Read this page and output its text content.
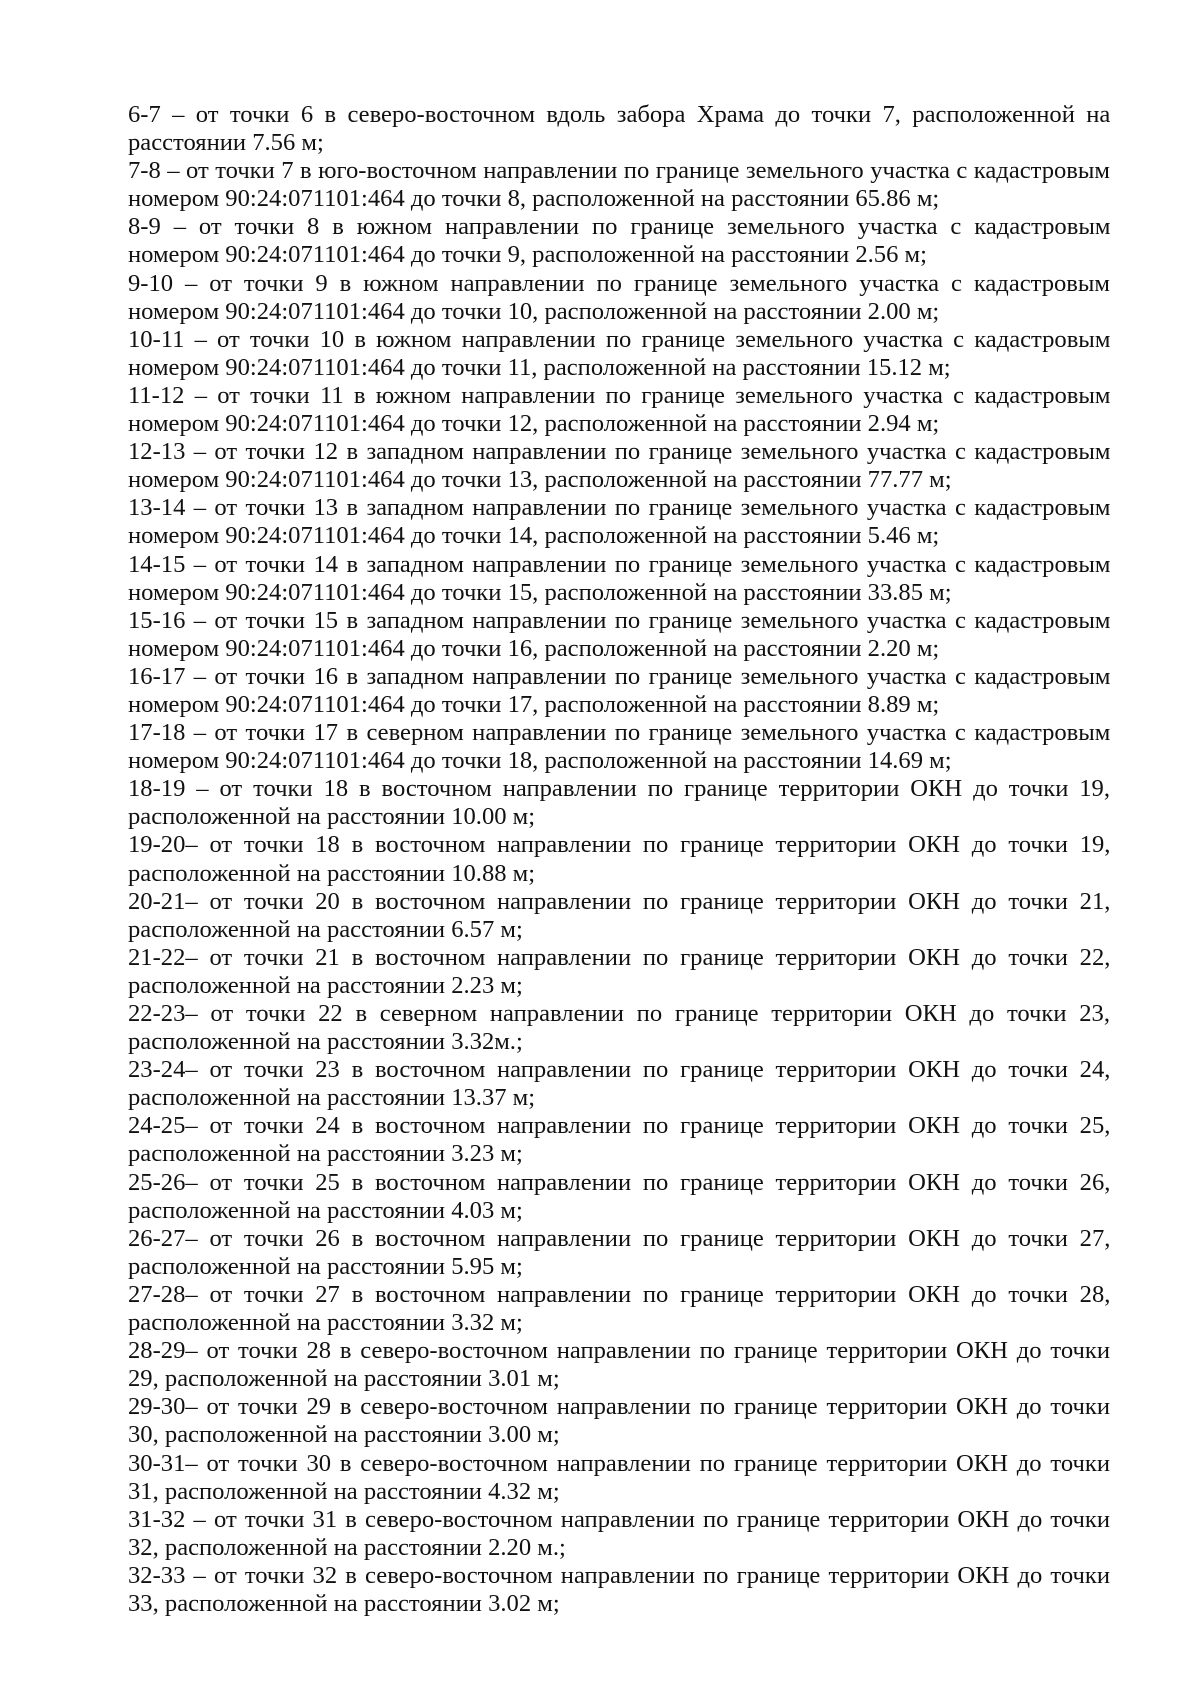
6-7 – от точки 6 в северо-восточном вдоль забора Храма до точки 7, расположенной на
расстоянии 7.56 м;

7-8 – от точки 7 в юго-восточном направлении по границе земельного участка с кадастровым
номером 90:24:071101:464 до точки 8, расположенной на расстоянии 65.86 м;

8-9 – от точки 8 в южном направлении по границе земельного участка с кадастровым
номером 90:24:071101:464 до точки 9, расположенной на расстоянии 2.56 м;

9-10 – от точки 9 в южном направлении по границе земельного участка с кадастровым
номером 90:24:071101:464 до точки 10, расположенной на расстоянии 2.00 м;

10-11 – от точки 10 в южном направлении по границе земельного участка с кадастровым
номером 90:24:071101:464 до точки 11, расположенной на расстоянии 15.12 м;

11-12 – от точки 11 в южном направлении по границе земельного участка с кадастровым
номером 90:24:071101:464 до точки 12, расположенной на расстоянии 2.94 м;

12-13 – от точки 12 в западном направлении по границе земельного участка с кадастровым
номером 90:24:071101:464 до точки 13, расположенной на расстоянии 77.77 м;

13-14 – от точки 13 в западном направлении по границе земельного участка с кадастровым
номером 90:24:071101:464 до точки 14, расположенной на расстоянии 5.46 м;

14-15 – от точки 14 в западном направлении по границе земельного участка с кадастровым
номером 90:24:071101:464 до точки 15, расположенной на расстоянии 33.85 м;

15-16 – от точки 15 в западном направлении по границе земельного участка с кадастровым
номером 90:24:071101:464 до точки 16, расположенной на расстоянии 2.20 м;

16-17 – от точки 16 в западном направлении по границе земельного участка с кадастровым
номером 90:24:071101:464 до точки 17, расположенной на расстоянии 8.89 м;

17-18 – от точки 17 в северном направлении по границе земельного участка с кадастровым
номером 90:24:071101:464 до точки 18, расположенной на расстоянии 14.69 м;

18-19 – от точки 18 в восточном направлении по границе территории ОКН до точки 19,
расположенной на расстоянии 10.00 м;

19-20– от точки 18 в восточном направлении по границе территории ОКН до точки 19,
расположенной на расстоянии 10.88 м;

20-21– от точки 20 в восточном направлении по границе территории ОКН до точки 21,
расположенной на расстоянии 6.57 м;

21-22– от точки 21 в восточном направлении по границе территории ОКН до точки 22,
расположенной на расстоянии 2.23 м;

22-23– от точки 22 в северном направлении по границе территории ОКН до точки 23,
расположенной на расстоянии 3.32м.;

23-24– от точки 23 в восточном направлении по границе территории ОКН до точки 24,
расположенной на расстоянии 13.37 м;

24-25– от точки 24 в восточном направлении по границе территории ОКН до точки 25,
расположенной на расстоянии 3.23 м;

25-26– от точки 25 в восточном направлении по границе территории ОКН до точки 26,
расположенной на расстоянии 4.03 м;

26-27– от точки 26 в восточном направлении по границе территории ОКН до точки 27,
расположенной на расстоянии 5.95 м;

27-28– от точки 27 в восточном направлении по границе территории ОКН до точки 28,
расположенной на расстоянии 3.32 м;

28-29– от точки 28 в северо-восточном направлении по границе территории ОКН до точки
29, расположенной на расстоянии 3.01 м;

29-30– от точки 29 в северо-восточном направлении по границе территории ОКН до точки
30, расположенной на расстоянии 3.00 м;

30-31– от точки 30 в северо-восточном направлении по границе территории ОКН до точки
31, расположенной на расстоянии 4.32 м;

31-32 – от точки 31 в северо-восточном направлении по границе территории ОКН до точки
32, расположенной на расстоянии 2.20 м.;

32-33 – от точки 32 в северо-восточном направлении по границе территории ОКН до точки
33, расположенной на расстоянии 3.02 м;
